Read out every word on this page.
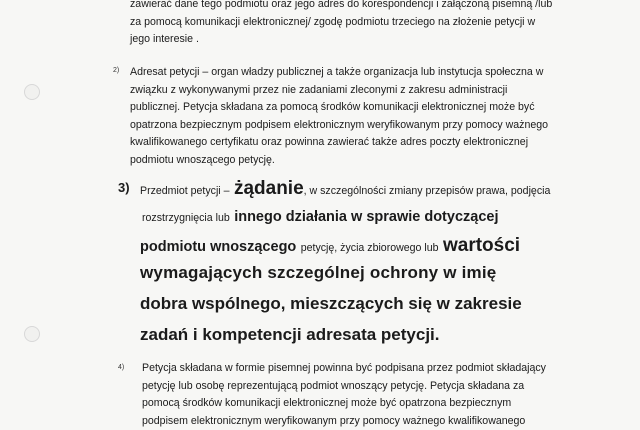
zawierać dane tego podmiotu oraz jego adres do korespondencji i załączoną pisemną /lub
za pomocą komunikacji elektronicznej/ zgodę podmiotu trzeciego na złożenie petycji w
jego interesie .
2) Adresat petycji – organ władzy publicznej a także organizacja lub instytucja społeczna w
związku z wykonywanymi przez nie zadaniami zleconymi z zakresu administracji
publicznej. Petycja składana za pomocą środków komunikacji elektronicznej może być
opatrzona bezpiecznym podpisem elektronicznym weryfikowanym przy pomocy ważnego
kwalifikowanego certyfikatu oraz powinna zawierać także adres poczty elektronicznej
podmiotu wnoszącego petycję.
3) Przedmiot petycji – żądanie, w szczególności zmiany przepisów prawa, podjęcia
rozstrzygnięcia lub innego działania w sprawie dotyczącej
podmiotu wnoszącego petycję, życia zbiorowego lub wartości
wymagających szczególnej ochrony w imię
dobra wspólnego, mieszczących się w zakresie
zadań i kompetencji adresata petycji.
4) Petycja składana w formie pisemnej powinna być podpisana przez podmiot składający
petycję lub osobę reprezentującą podmiot wnoszący petycję. Petycja składana za
pomocą środków komunikacji elektronicznej może być opatrzona bezpiecznym
podpisem elektronicznym weryfikowanym przy pomocy ważnego kwalifikowanego
